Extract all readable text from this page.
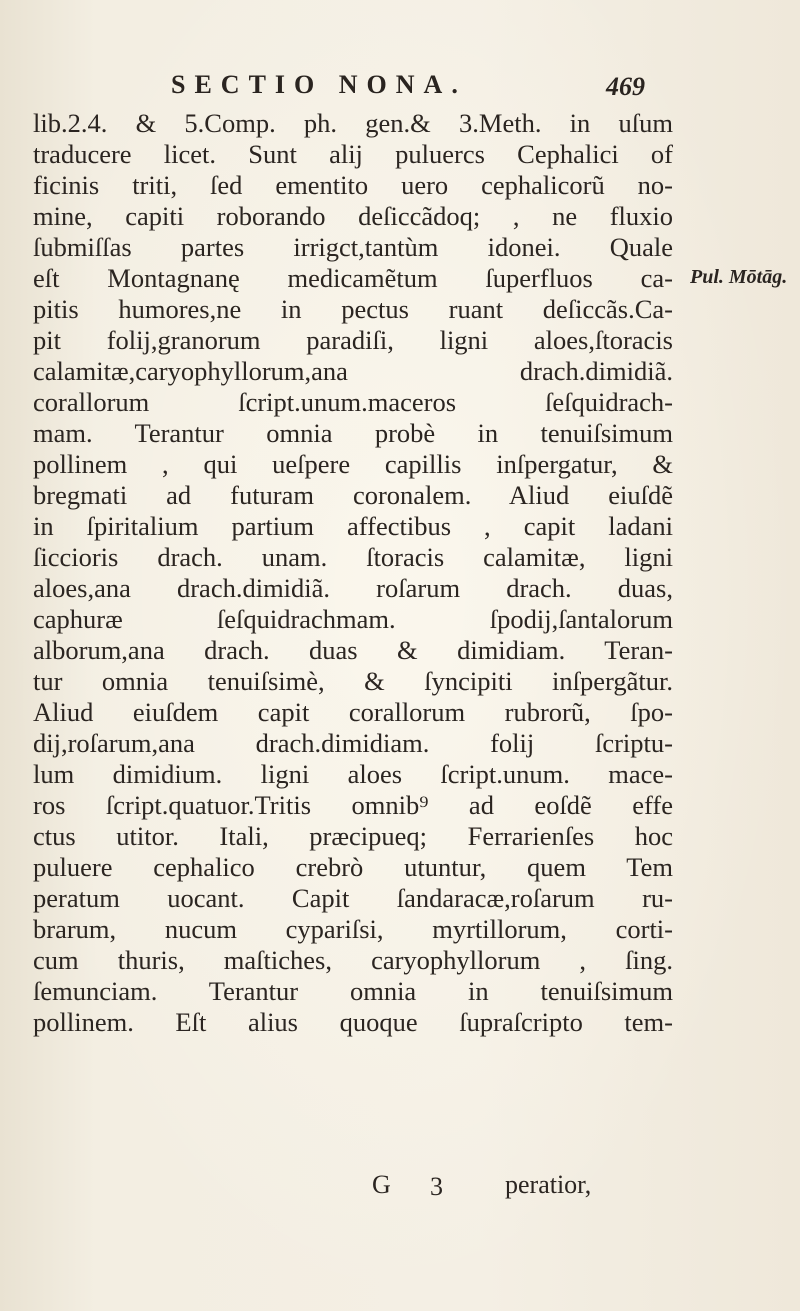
SECTIO NONA.	469
Pul. Mōtāg.
lib.2.4. & 5.Comp. ph. gen.& 3.Meth. in uſum
traducere licet. Sunt alij puluercs Cephalici of
ficinis triti, ſed ementito uero cephalicorũ no-
mine, capiti roborando deſiccãdoq; , ne fluxio
ſubmiſſas partes irrigct,tantùm idonei. Quale
eſt Montagnanę medicamẽtum ſuperfluos ca-
pitis humores,ne in pectus ruant deſiccãs.Ca-
pit folij,granorum paradiſi, ligni aloes,ſtoracis
calamitæ,caryophyllorum,ana drach.dimidiã.
corallorum ſcript.unum.maceros ſeſquidrach-
mam. Terantur omnia probè in tenuiſsimum
pollinem , qui ueſpere capillis inſpergatur, &
bregmati ad futuram coronalem. Aliud eiuſdẽ
in ſpiritalium partium affectibus , capit ladani
ſiccioris drach. unam. ſtoracis calamitæ, ligni
aloes,ana drach.dimidiã. roſarum drach. duas,
caphuræ ſeſquidrachmam. ſpodij,ſantalorum
alborum,ana drach. duas & dimidiam. Teran-
tur omnia tenuiſsimè, & ſyncipiti inſpergãtur.
Aliud eiuſdem capit corallorum rubrorũ, ſpo-
dij,roſarum,ana drach.dimidiam. folij ſcriptu-
lum dimidium. ligni aloes ſcript.unum. mace-
ros ſcript.quatuor.Tritis omnib⁹ ad eoſdẽ effe
ctus utitor. Itali, præcipueq; Ferrarienſes hoc
puluere cephalico crebrò utuntur, quem Tem
peratum uocant. Capit ſandaracæ,roſarum ru-
brarum, nucum cypariſsi, myrtillorum, corti-
cum thuris, maſtiches, caryophyllorum , ſing.
ſemunciam. Terantur omnia in tenuiſsimum
pollinem. Eſt alius quoque ſupraſcripto tem-
G 3 peratior,
